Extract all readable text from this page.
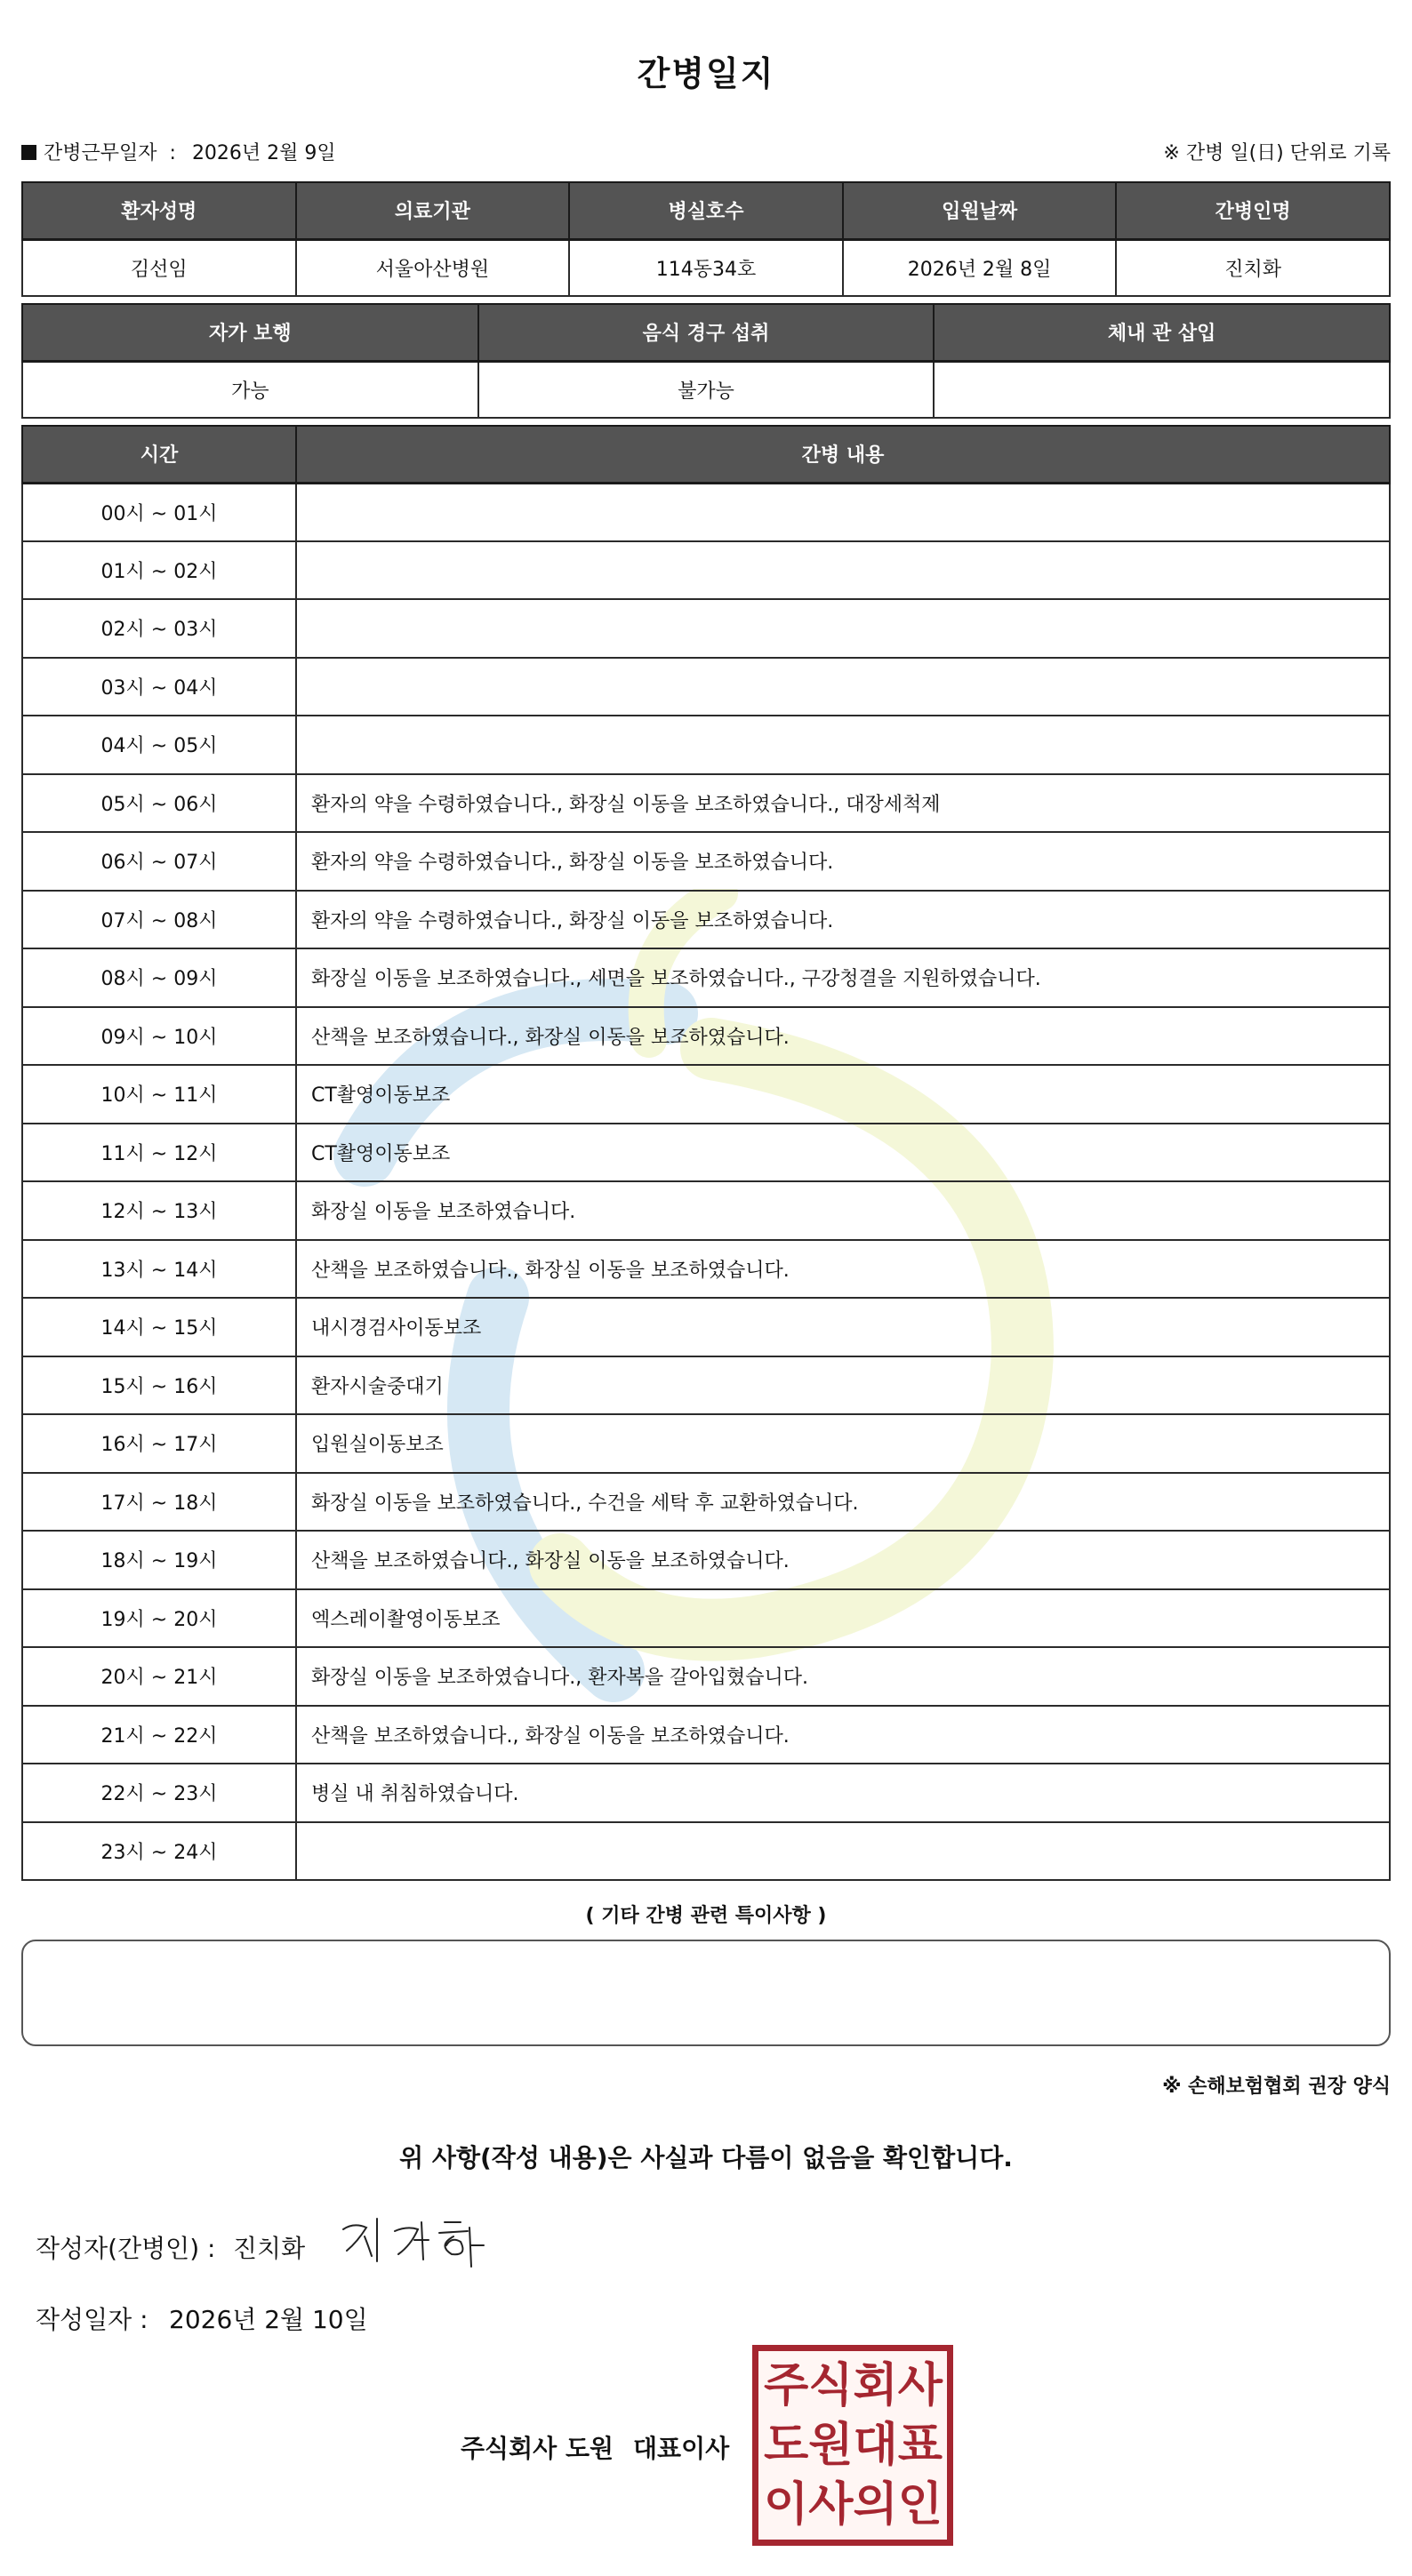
간병일지
간병근무일자 : 2026년 2월 9일	※ 간병 일(日) 단위로 기록
환자성명	의료기관	병실호수	입원날짜	간병인명
김선임	서울아산병원	114동34호	2026년 2월 8일	진치화
자가 보행	음식 경구 섭취	체내 관 삽입
가능	불가능	
시간	간병 내용
00시 ~ 01시	
01시 ~ 02시	
02시 ~ 03시	
03시 ~ 04시	
04시 ~ 05시	
05시 ~ 06시	환자의 약을 수령하였습니다., 화장실 이동을 보조하였습니다., 대장세척제
06시 ~ 07시	환자의 약을 수령하였습니다., 화장실 이동을 보조하였습니다.
07시 ~ 08시	환자의 약을 수령하였습니다., 화장실 이동을 보조하였습니다.
08시 ~ 09시	화장실 이동을 보조하였습니다., 세면을 보조하였습니다., 구강청결을 지원하였습니다.
09시 ~ 10시	산책을 보조하였습니다., 화장실 이동을 보조하였습니다.
10시 ~ 11시	CT촬영이동보조
11시 ~ 12시	CT촬영이동보조
12시 ~ 13시	화장실 이동을 보조하였습니다.
13시 ~ 14시	산책을 보조하였습니다., 화장실 이동을 보조하였습니다.
14시 ~ 15시	내시경검사이동보조
15시 ~ 16시	환자시술중대기
16시 ~ 17시	입원실이동보조
17시 ~ 18시	화장실 이동을 보조하였습니다., 수건을 세탁 후 교환하였습니다.
18시 ~ 19시	산책을 보조하였습니다., 화장실 이동을 보조하였습니다.
19시 ~ 20시	엑스레이촬영이동보조
20시 ~ 21시	화장실 이동을 보조하였습니다., 환자복을 갈아입혔습니다.
21시 ~ 22시	산책을 보조하였습니다., 화장실 이동을 보조하였습니다.
22시 ~ 23시	병실 내 취침하였습니다.
23시 ~ 24시	
( 기타 간병 관련 특이사항 )
※ 손해보험협회 권장 양식
위 사항(작성 내용)은 사실과 다름이 없음을 확인합니다.
작성자(간병인) : 진치화
작성일자 : 2026년 2월 10일
주식회사 도원 대표이사
주 식 회 사
도 원 대 표
이 사 의 인
